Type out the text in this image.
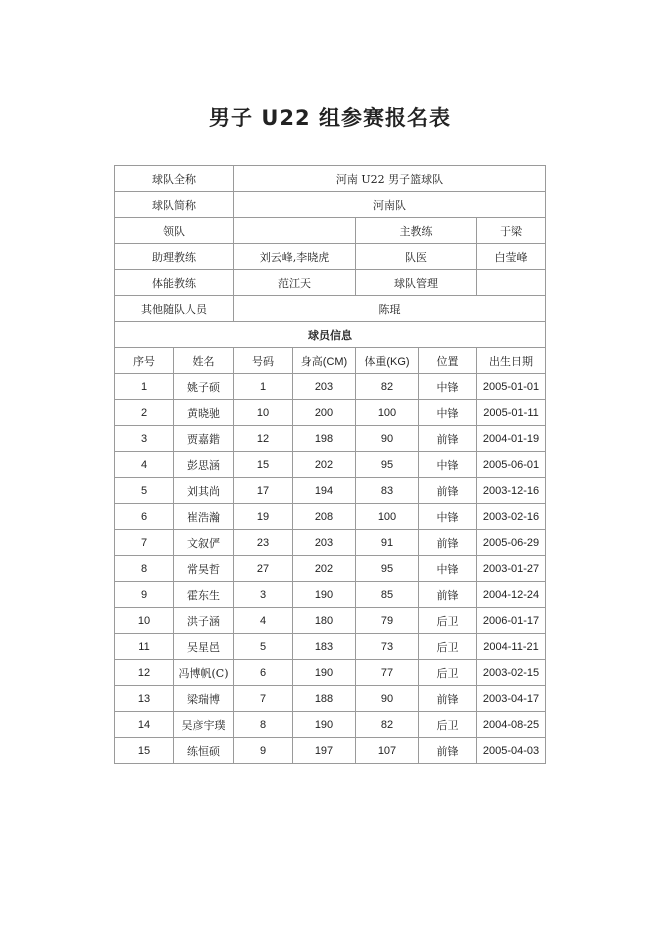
男子 U22 组参赛报名表
球队全称		河南 U22 男子篮球队				
球队简称		河南队				
领队				主教练		于梁
助理教练		刘云峰,李晓虎		队医		白莹峰
体能教练		范江天		球队管理		
其他随队人员		陈琨				
球员信息						
序号	姓名	号码	身高(CM)	体重(KG)	位置	出生日期
1	姚子硕	1	203	82	中锋	2005-01-01
2	黄晓驰	10	200	100	中锋	2005-01-11
3	贾嘉鍇	12	198	90	前锋	2004-01-19
4	彭思涵	15	202	95	中锋	2005-06-01
5	刘其尚	17	194	83	前锋	2003-12-16
6	崔浩瀚	19	208	100	中锋	2003-02-16
7	文叙俨	23	203	91	前锋	2005-06-29
8	常昊哲	27	202	95	中锋	2003-01-27
9	霍东生	3	190	85	前锋	2004-12-24
10	洪子涵	4	180	79	后卫	2006-01-17
11	吴星邑	5	183	73	后卫	2004-11-21
12	冯博帆(C)	6	190	77	后卫	2003-02-15
13	梁瑞博	7	188	90	前锋	2003-04-17
14	吴彦宇璞	8	190	82	后卫	2004-08-25
15	练恒硕	9	197	107	前锋	2005-04-03
